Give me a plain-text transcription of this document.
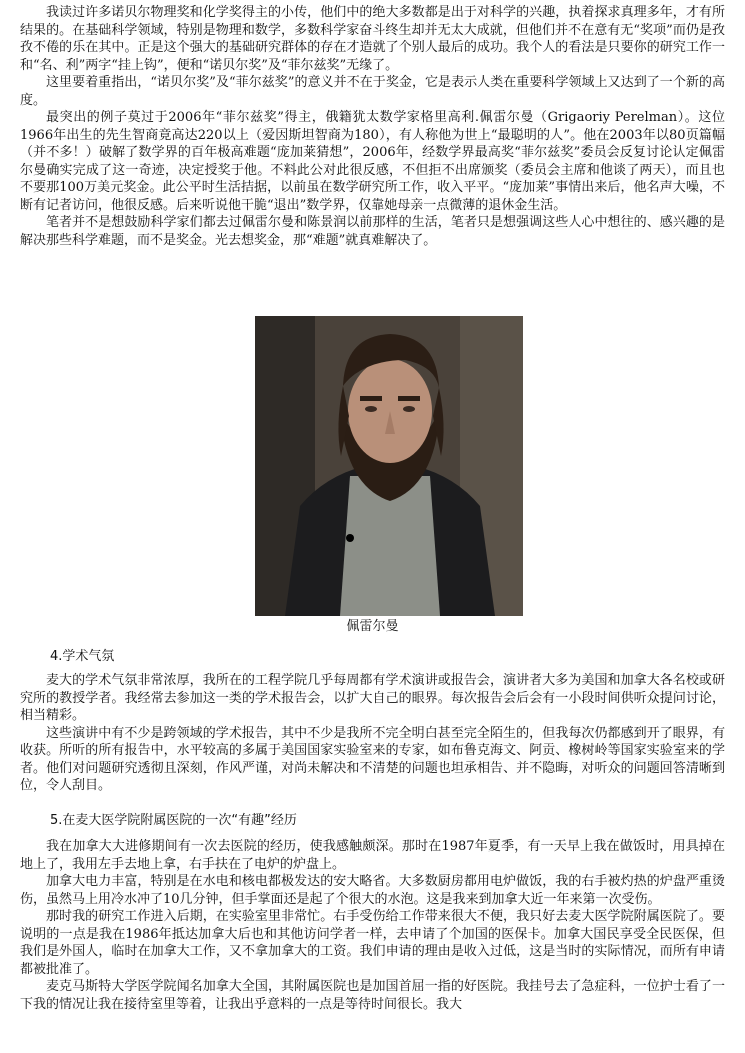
我读过许多诺贝尔物理奖和化学奖得主的小传，他们中的绝大多数都是出于对科学的兴趣，执着探求真理多年，才有所结果的。在基础科学领域，特别是物理和数学，多数科学家奋斗终生却并无太大成就，但他们并不在意有无“奖项”而仍是孜孜不倦的乐在其中。正是这个强大的基础研究群体的存在才造就了个别人最后的成功。我个人的看法是只要你的研究工作一和“名、利”两字“挂上钩”，便和“诺贝尔奖”及“菲尔兹奖”无缘了。

这里要着重指出，“诺贝尔奖”及“菲尔兹奖”的意义并不在于奖金，它是表示人类在重要科学领域上又达到了一个新的高度。

最突出的例子莫过于2006年“菲尔兹奖”得主，俄籍犹太数学家格里高利.佩雷尔曼（Grigaoriy Perelman）。这位1966年出生的先生智商竟高达220以上（爱因斯坦智商为180），有人称他为世上“最聪明的人”。他在2003年以80页篇幅（并不多！）破解了数学界的百年极高难题“庞加莱猜想”，2006年，经数学界最高奖“菲尔兹奖”委员会反复讨论认定佩雷尔曼确实完成了这一奇迹，决定授奖于他。不料此公对此很反感，不但拒不出席颁奖（委员会主席和他谈了两天），而且也不要那100万美元奖金。此公平时生活拮据，以前虽在数学研究所工作，收入平平。“庞加莱”事情出来后，他名声大噪，不断有记者访问，他很反感。后来听说他干脆“退出”数学界，仅靠她母亲一点微薄的退休金生活。

笔者并不是想鼓励科学家们都去过佩雷尔曼和陈景润以前那样的生活，笔者只是想强调这些人心中想往的、感兴趣的是解决那些科学难题，而不是奖金。光去想奖金，那“难题”就真难解决了。

佩雷尔曼

4.学术气氛

麦大的学术气氛非常浓厚，我所在的工程学院几乎每周都有学术演讲或报告会，演讲者大多为美国和加拿大各名校或研究所的教授学者。我经常去参加这一类的学术报告会，以扩大自己的眼界。每次报告会后会有一小段时间供听众提问讨论，相当精彩。

这些演讲中有不少是跨领域的学术报告，其中不少是我所不完全明白甚至完全陌生的，但我每次仍都感到开了眼界，有收获。所听的所有报告中，水平较高的多属于美国国家实验室来的专家，如布鲁克海文、阿贡、橡树岭等国家实验室来的学者。他们对问题研究透彻且深刻，作风严谨，对尚未解决和不清楚的问题也坦承相告、并不隐晦，对听众的问题回答清晰到位，令人刮目。

5.在麦大医学院附属医院的一次“有趣”经历

我在加拿大大进修期间有一次去医院的经历，使我感触颇深。那时在1987年夏季，有一天早上我在做饭时，用具掉在地上了，我用左手去地上拿，右手扶在了电炉的炉盘上。

加拿大电力丰富，特别是在水电和核电都极发达的安大略省。大多数厨房都用电炉做饭，我的右手被灼热的炉盘严重烫伤，虽然马上用冷水冲了10几分钟，但手掌面还是起了个很大的水泡。这是我来到加拿大近一年来第一次受伤。

那时我的研究工作进入后期，在实验室里非常忙。右手受伤给工作带来很大不便，我只好去麦大医学院附属医院了。要说明的一点是我在1986年抵达加拿大后也和其他访问学者一样，去申请了个加国的医保卡。加拿大国民享受全民医保，但我们是外国人，临时在加拿大工作，又不拿加拿大的工资。我们申请的理由是收入过低，这是当时的实际情况，而所有申请都被批准了。

麦克马斯特大学医学院闻名加拿大全国，其附属医院也是加国首屈一指的好医院。我挂号去了急症科，一位护士看了一下我的情况让我在接待室里等着，让我出乎意料的一点是等待时间很长。我大
